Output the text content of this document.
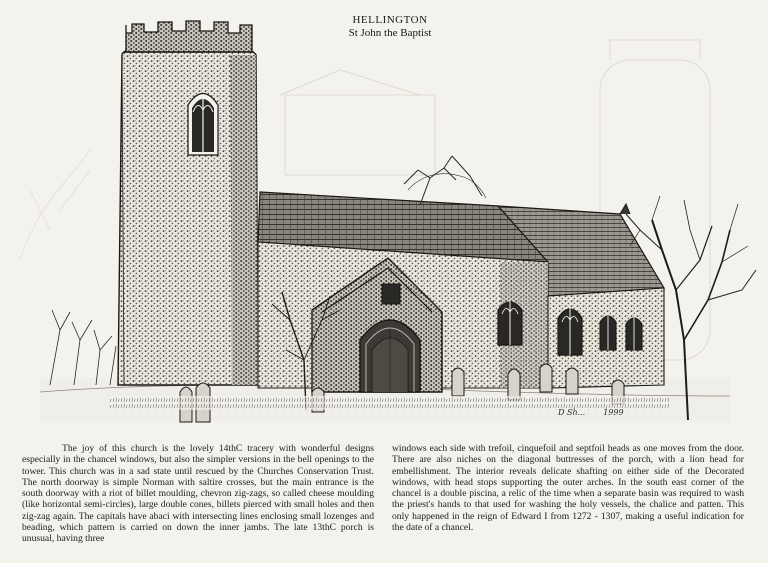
HELLINGTON
St John the Baptist
D Sh... 1999

The joy of this church is the lovely 14thC tracery with wonderful designs especially in the chancel windows, but also the simpler versions in the bell openings to the tower. This church was in a sad state until rescued by the Churches Conservation Trust. The north doorway is simple Norman with saltire crosses, but the main entrance is the south doorway with a riot of billet moulding, chevron zig-zags, so called cheese moulding (like horizontal semi-circles), large double cones, billets pierced with small holes and then zig-zag again. The capitals have abaci with intersecting lines enclosing small lozenges and beading, which pattern is carried on down the inner jambs. The late 13thC porch is unusual, having three

windows each side with trefoil, cinquefoil and septfoil heads as one moves from the door. There are also niches on the diagonal buttresses of the porch, with a lion head for embellishment. The interior reveals delicate shafting on either side of the Decorated windows, with head stops supporting the outer arches. In the south east corner of the chancel is a double piscina, a relic of the time when a separate basin was required to wash the priest's hands to that used for washing the holy vessels, the chalice and patten. This only happened in the reign of Edward I from 1272 - 1307, making a useful indication for the date of a chancel.
